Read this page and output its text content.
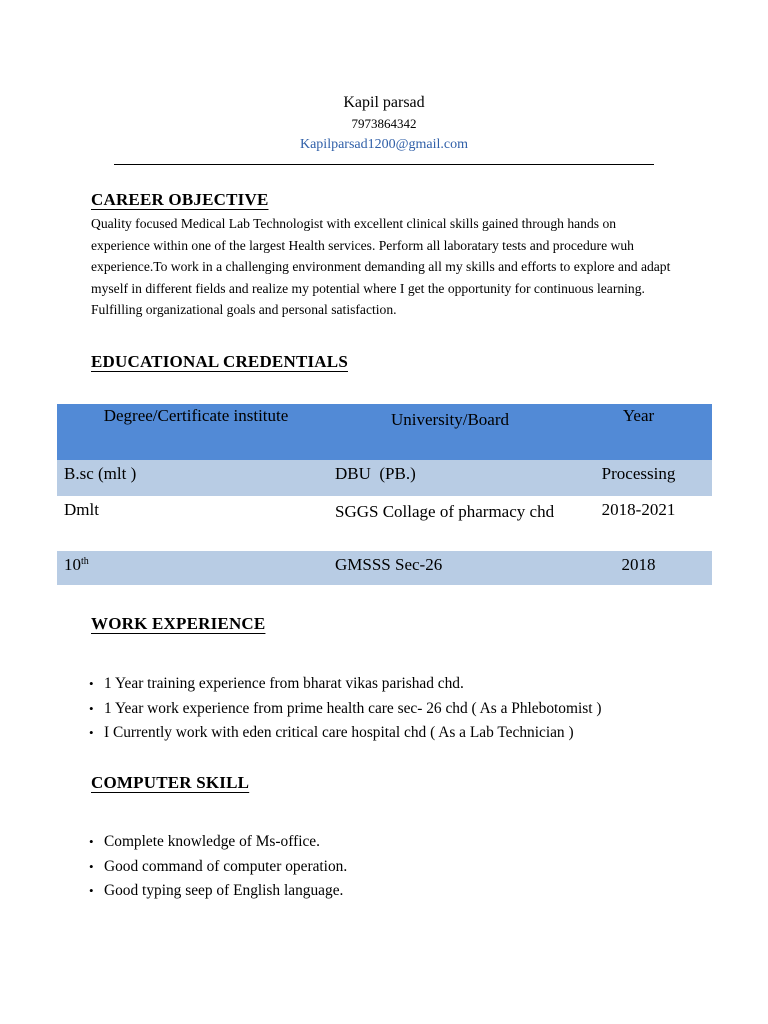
Kapil parsad
7973864342
Kapilparsad1200@gmail.com
CAREER OBJECTIVE
Quality focused Medical Lab Technologist with excellent clinical skills gained through hands on experience within one of the largest Health services. Perform all laboratary tests and procedure wuh experience.To work in a challenging environment demanding all my skills and efforts to explore and adapt myself in different fields and realize my potential where I get the opportunity for continuous learning. Fulfilling organizational goals and personal satisfaction.
EDUCATIONAL CREDENTIALS
Degree/Certificate institute	University/Board	Year
B.sc (mlt )	DBU  (PB.)	Processing
Dmlt	SGGS Collage of pharmacy chd	2018-2021
10th	GMSSS Sec-26	2018
WORK EXPERIENCE
• 1 Year training experience from bharat vikas parishad chd.
• 1 Year work experience from prime health care sec- 26 chd ( As a Phlebotomist )
• I Currently work with eden critical care hospital chd ( As a Lab Technician )
COMPUTER SKILL
• Complete knowledge of Ms-office.
• Good command of computer operation.
• Good typing seep of English language.
